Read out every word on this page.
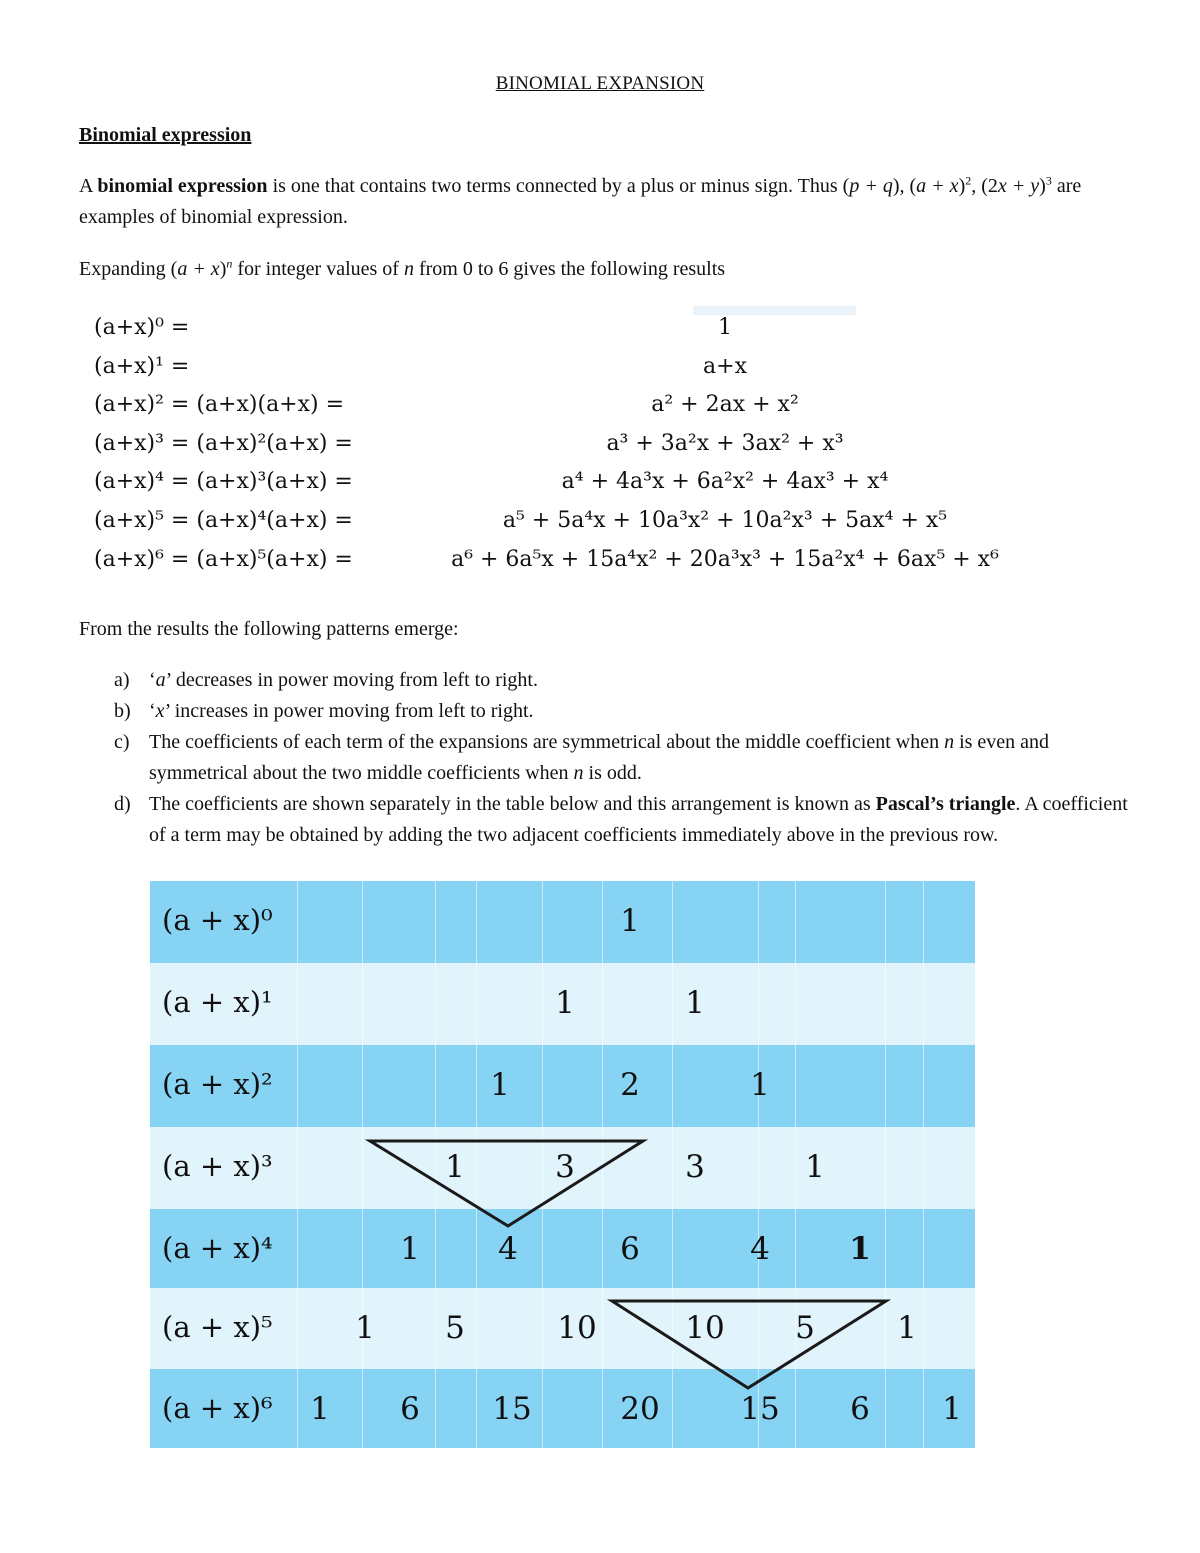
BINOMIAL EXPANSION
Binomial expression
A binomial expression is one that contains two terms connected by a plus or minus sign. Thus (p + q), $(a + x)^2$, $(2x + y)^3$ are examples of binomial expression.
Expanding $(a + x)^n$ for integer values of n from 0 to 6 gives the following results
(a+x)⁰ =	1
(a+x)¹ =	a+x
(a+x)² = (a+x)(a+x) =	a² + 2ax + x²
(a+x)³ = (a+x)²(a+x) =	a³ + 3a²x + 3ax² + x³
(a+x)⁴ = (a+x)³(a+x) =	a⁴ + 4a³x + 6a²x² + 4ax³ + x⁴
(a+x)⁵ = (a+x)⁴(a+x) =	a⁵ + 5a⁴x + 10a³x² + 10a²x³ + 5ax⁴ + x⁵
(a+x)⁶ = (a+x)⁵(a+x) =	a⁶ + 6a⁵x + 15a⁴x² + 20a³x³ + 15a²x⁴ + 6ax⁵ + x⁶
From the results the following patterns emerge:
a) ‘a’ decreases in power moving from left to right.
b) ‘x’ increases in power moving from left to right.
c) The coefficients of each term of the expansions are symmetrical about the middle coefficient when n is even and symmetrical about the two middle coefficients when n is odd.
d) The coefficients are shown separately in the table below and this arrangement is known as Pascal’s triangle. A coefficient of a term may be obtained by adding the two adjacent coefficients immediately above in the previous row.
(a + x)⁰	1
(a + x)¹	1	1
(a + x)²	1	2	1
(a + x)³	1	3	3	1
(a + x)⁴	1	4	6	4	1
(a + x)⁵	1 5	10	10 5	1
(a + x)⁶ 1 6 15	20	15 6 1
